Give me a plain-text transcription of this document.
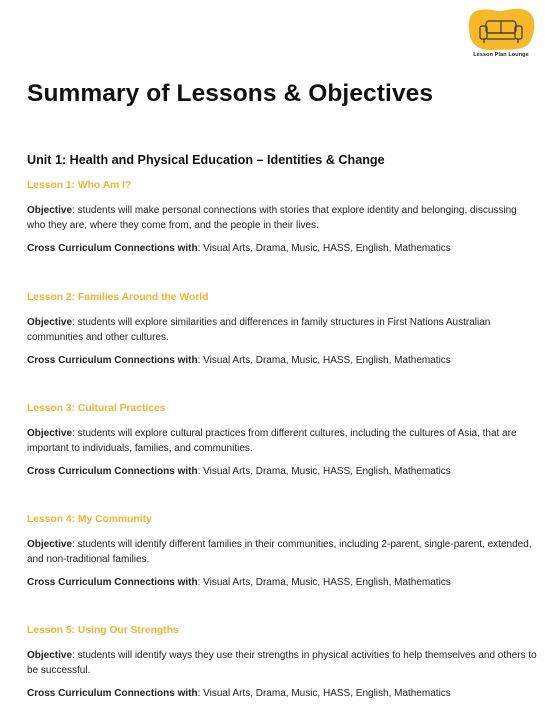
Lesson Plan Lounge
Summary of Lessons & Objectives
Unit 1: Health and Physical Education – Identities & Change

Lesson 1: Who Am I?

Objective: students will make personal connections with stories that explore identity and belonging, discussing who they are, where they come from, and the people in their lives.

Cross Curriculum Connections with: Visual Arts, Drama, Music, HASS, English, Mathematics

Lesson 2: Families Around the World

Objective: students will explore similarities and differences in family structures in First Nations Australian communities and other cultures.

Cross Curriculum Connections with: Visual Arts, Drama, Music, HASS, English, Mathematics

Lesson 3: Cultural Practices

Objective: students will explore cultural practices from different cultures, including the cultures of Asia, that are important to individuals, families, and communities.

Cross Curriculum Connections with: Visual Arts, Drama, Music, HASS, English, Mathematics

Lesson 4: My Community

Objective: students will identify different families in their communities, including 2-parent, single-parent, extended, and non-traditional families.

Cross Curriculum Connections with: Visual Arts, Drama, Music, HASS, English, Mathematics

Lesson 5: Using Our Strengths

Objective: students will identify ways they use their strengths in physical activities to help themselves and others to be successful.

Cross Curriculum Connections with: Visual Arts, Drama, Music, HASS, English, Mathematics
